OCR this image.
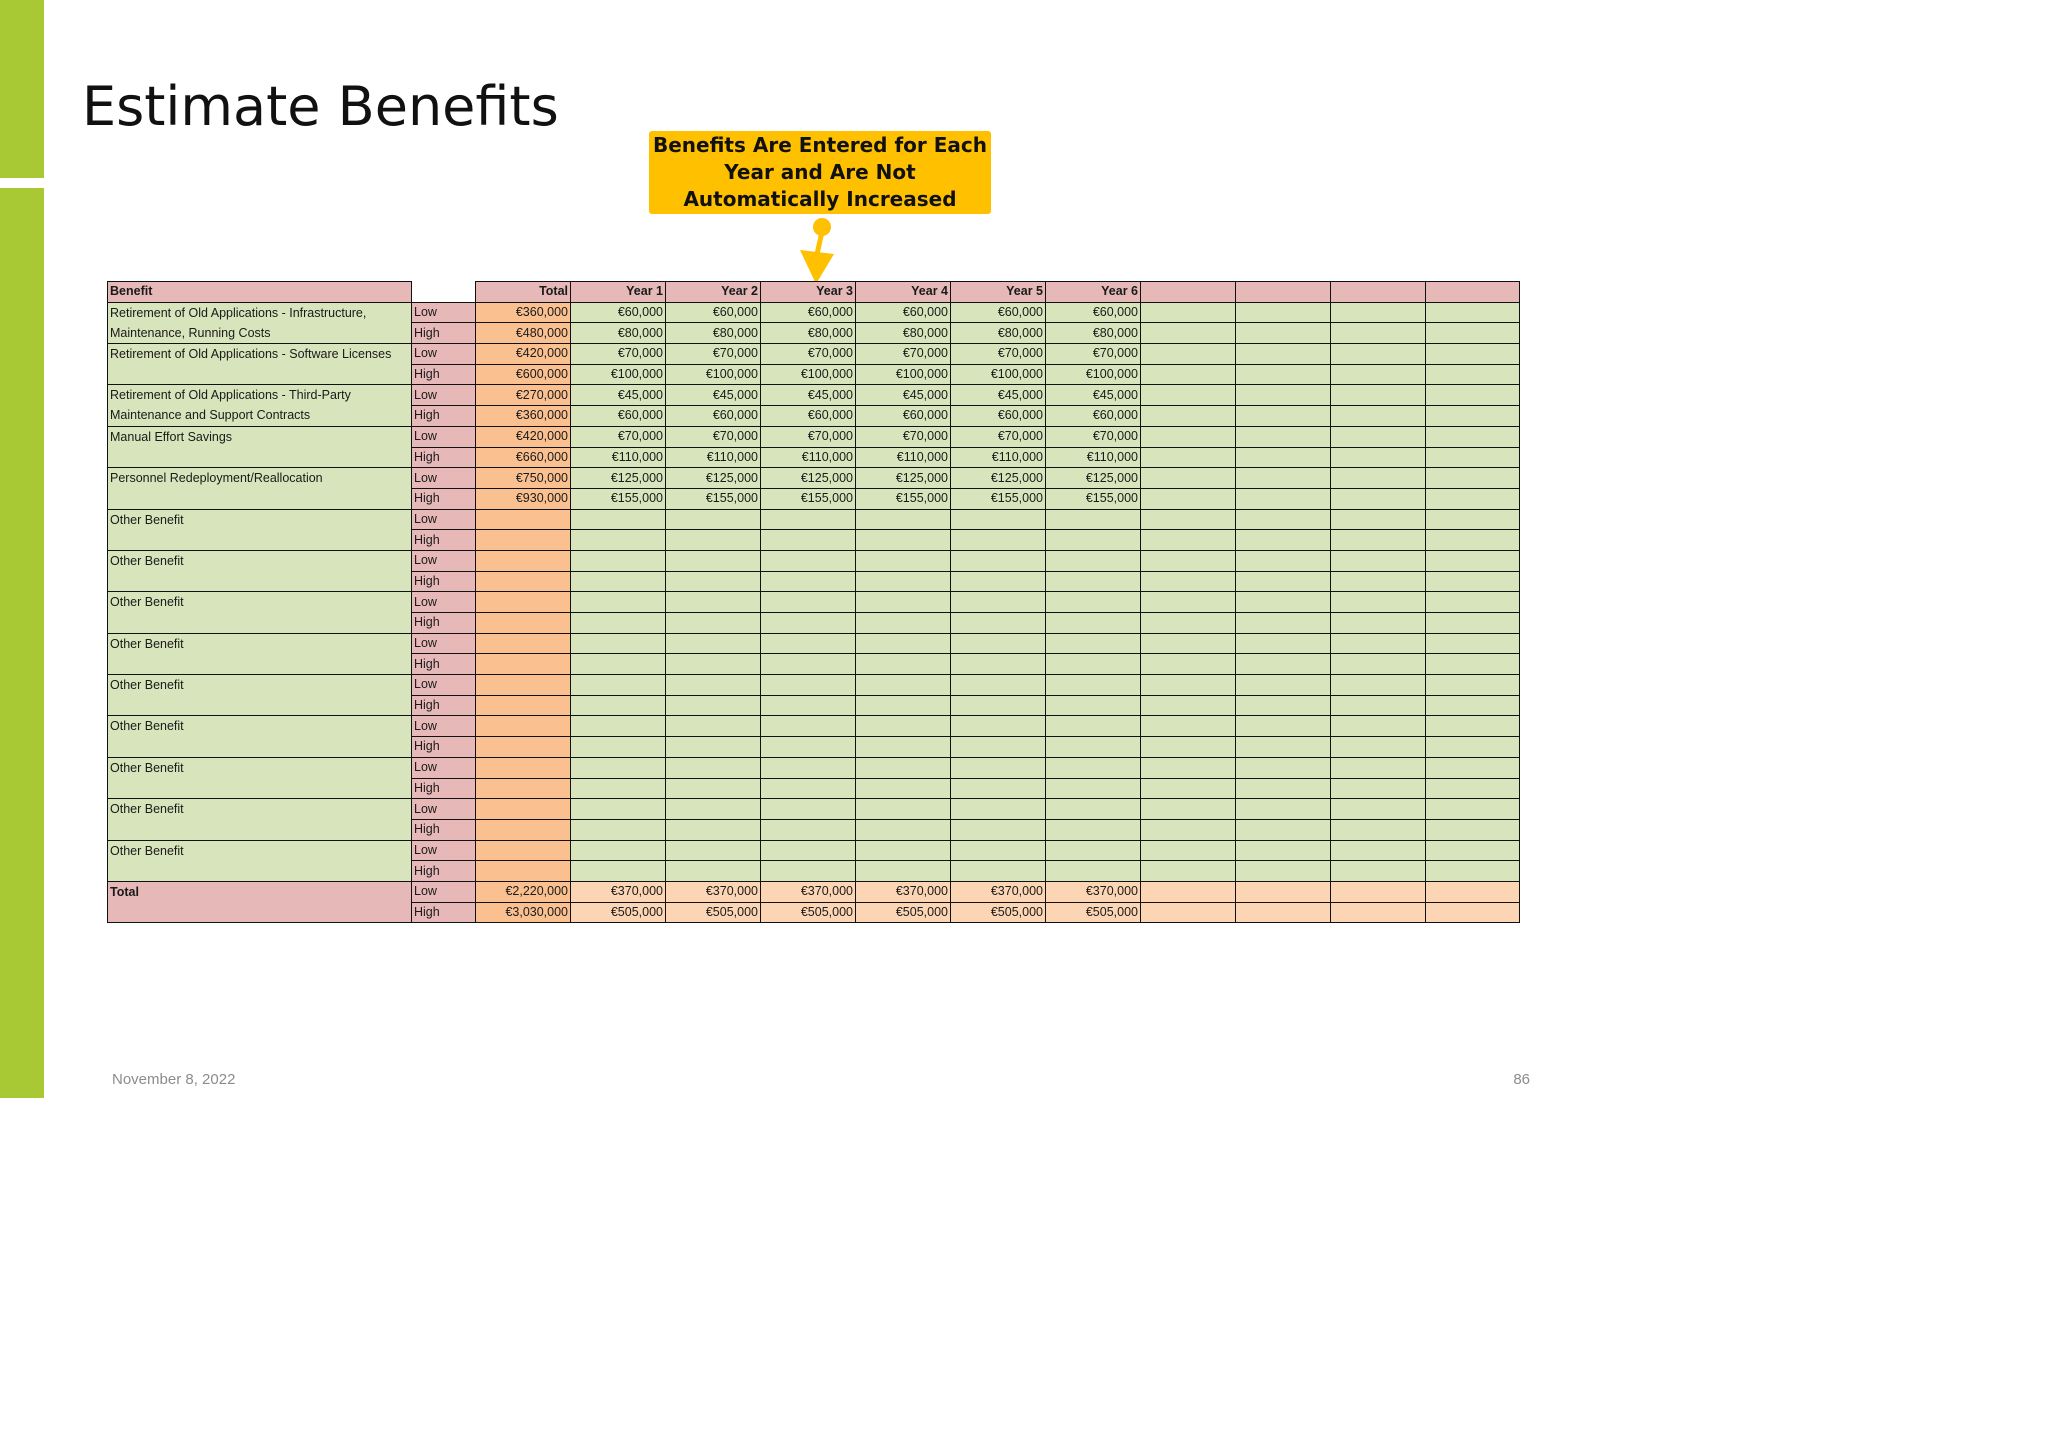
Estimate Benefits
Benefits Are Entered for Each Year and Are Not Automatically Increased
Benefit		Total	Year 1	Year 2	Year 3	Year 4	Year 5	Year 6				
Retirement of Old Applications - Infrastructure, Maintenance, Running Costs	Low	€360,000	€60,000	€60,000	€60,000	€60,000	€60,000	€60,000				
	High	€480,000	€80,000	€80,000	€80,000	€80,000	€80,000	€80,000				
Retirement of Old Applications - Software Licenses	Low	€420,000	€70,000	€70,000	€70,000	€70,000	€70,000	€70,000				
	High	€600,000	€100,000	€100,000	€100,000	€100,000	€100,000	€100,000				
Retirement of Old Applications - Third-Party Maintenance and Support Contracts	Low	€270,000	€45,000	€45,000	€45,000	€45,000	€45,000	€45,000				
	High	€360,000	€60,000	€60,000	€60,000	€60,000	€60,000	€60,000				
Manual Effort Savings	Low	€420,000	€70,000	€70,000	€70,000	€70,000	€70,000	€70,000				
	High	€660,000	€110,000	€110,000	€110,000	€110,000	€110,000	€110,000				
Personnel Redeployment/Reallocation	Low	€750,000	€125,000	€125,000	€125,000	€125,000	€125,000	€125,000				
	High	€930,000	€155,000	€155,000	€155,000	€155,000	€155,000	€155,000				
Other Benefit	Low											
	High											
Other Benefit	Low											
	High											
Other Benefit	Low											
	High											
Other Benefit	Low											
	High											
Other Benefit	Low											
	High											
Other Benefit	Low											
	High											
Other Benefit	Low											
	High											
Other Benefit	Low											
	High											
Other Benefit	Low											
	High											
Total	Low	€2,220,000	€370,000	€370,000	€370,000	€370,000	€370,000	€370,000				
	High	€3,030,000	€505,000	€505,000	€505,000	€505,000	€505,000	€505,000				
November 8, 2022	86
